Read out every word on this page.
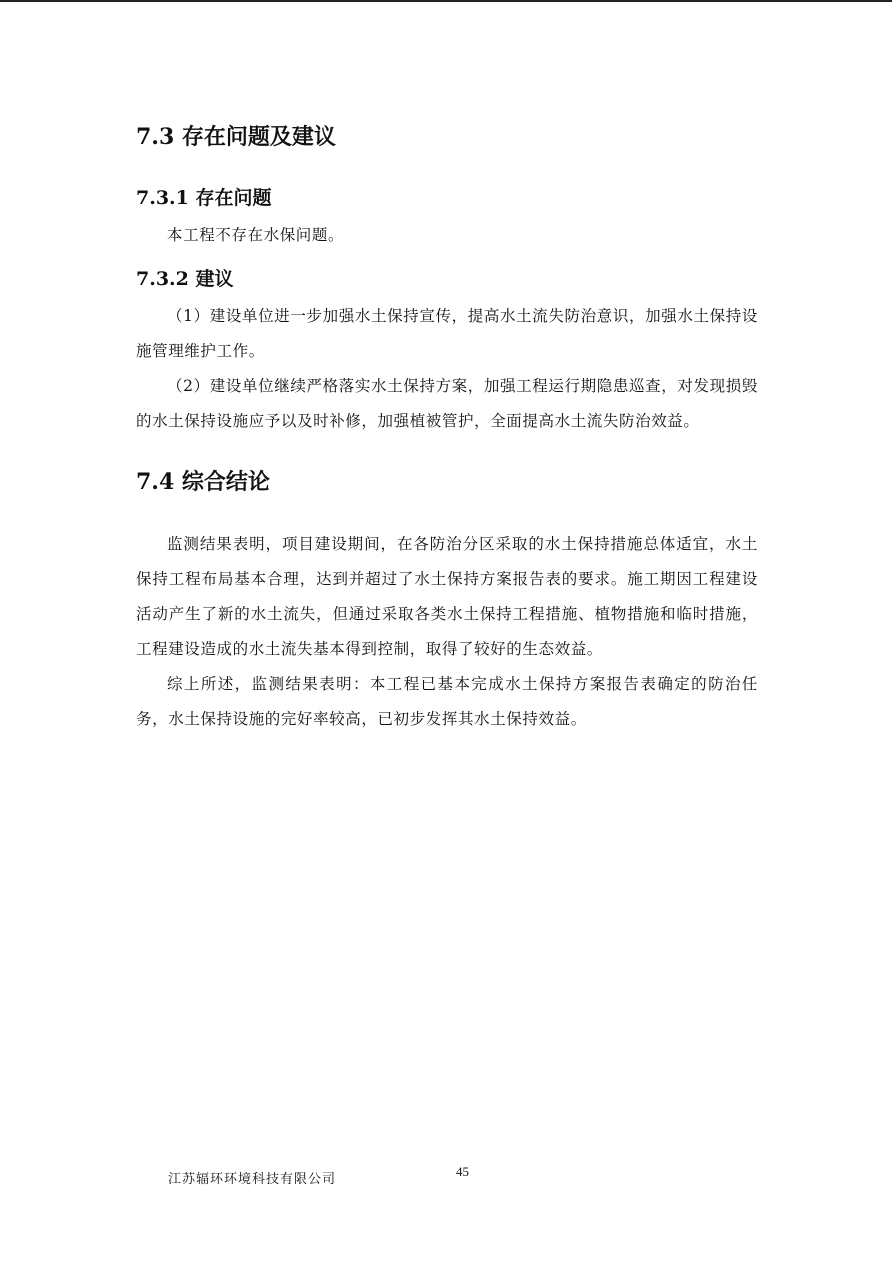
7.3 存在问题及建议
7.3.1 存在问题

本工程不存在水保问题。

7.3.2 建议

（1）建设单位进一步加强水土保持宣传，提高水土流失防治意识，加强水土保持设施管理维护工作。

（2）建设单位继续严格落实水土保持方案，加强工程运行期隐患巡查，对发现损毁的水土保持设施应予以及时补修，加强植被管护，全面提高水土流失防治效益。

7.4 综合结论

监测结果表明，项目建设期间，在各防治分区采取的水土保持措施总体适宜，水土保持工程布局基本合理，达到并超过了水土保持方案报告表的要求。施工期因工程建设活动产生了新的水土流失，但通过采取各类水土保持工程措施、植物措施和临时措施，工程建设造成的水土流失基本得到控制，取得了较好的生态效益。

综上所述，监测结果表明：本工程已基本完成水土保持方案报告表确定的防治任务，水土保持设施的完好率较高，已初步发挥其水土保持效益。

江苏辐环环境科技有限公司
45
